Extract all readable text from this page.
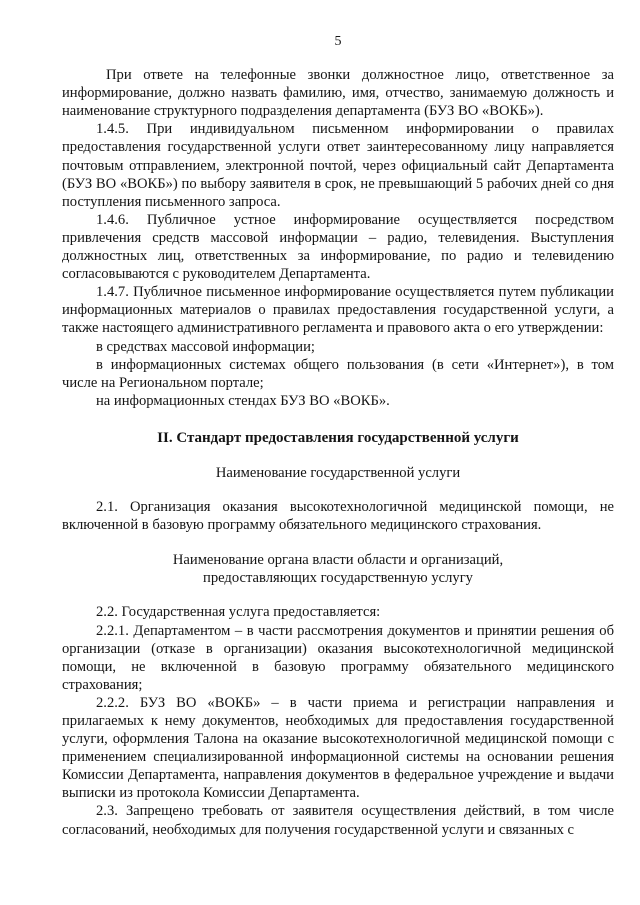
5

При ответе на телефонные звонки должностное лицо, ответственное за информирование, должно назвать фамилию, имя, отчество, занимаемую должность и наименование структурного подразделения департамента (БУЗ ВО «ВОКБ»).

1.4.5. При индивидуальном письменном информировании о правилах предоставления государственной услуги ответ заинтересованному лицу направляется почтовым отправлением, электронной почтой, через официальный сайт Департамента (БУЗ ВО «ВОКБ») по выбору заявителя в срок, не превышающий 5 рабочих дней со дня поступления письменного запроса.

1.4.6. Публичное устное информирование осуществляется посредством привлечения средств массовой информации – радио, телевидения. Выступления должностных лиц, ответственных за информирование, по радио и телевидению согласовываются с руководителем Департамента.

1.4.7. Публичное письменное информирование осуществляется путем публикации информационных материалов о правилах предоставления государственной услуги, а также настоящего административного регламента и правового акта о его утверждении:

в средствах массовой информации;

в информационных системах общего пользования (в сети «Интернет»), в том числе на Региональном портале;

на информационных стендах БУЗ ВО «ВОКБ».

II. Стандарт предоставления государственной услуги
Наименование государственной услуги

2.1. Организация оказания высокотехнологичной медицинской помощи, не включенной в базовую программу обязательного медицинского страхования.

Наименование органа власти области и организаций,
предоставляющих государственную услугу

2.2. Государственная услуга предоставляется:

2.2.1. Департаментом – в части рассмотрения документов и принятии решения об организации (отказе в организации) оказания высокотехнологичной медицинской помощи, не включенной в базовую программу обязательного медицинского страхования;

2.2.2. БУЗ ВО «ВОКБ» – в части приема и регистрации направления и прилагаемых к нему документов, необходимых для предоставления государственной услуги, оформления Талона на оказание высокотехнологичной медицинской помощи с применением специализированной информационной системы на основании решения Комиссии Департамента, направления документов в федеральное учреждение и выдачи выписки из протокола Комиссии Департамента.

2.3. Запрещено требовать от заявителя осуществления действий, в том числе согласований, необходимых для получения государственной услуги и связанных с
